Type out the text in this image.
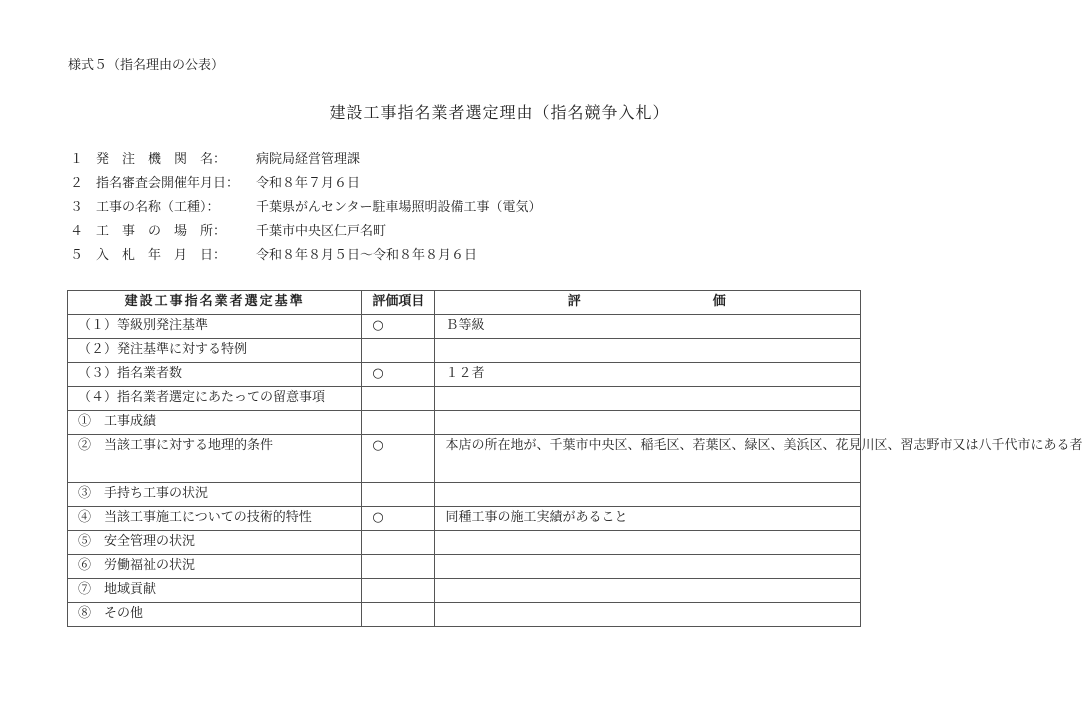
様式５（指名理由の公表）
建設工事指名業者選定理由（指名競争入札）
１ 発　注　機　関　名：	病院局経営管理課
２ 指名審査会開催年月日：	令和８年７月６日
３ 工事の名称（工種）：	千葉県がんセンター駐車場照明設備工事（電気）
４ 工　事　の　場　所：	千葉市中央区仁戸名町
５ 入　札　年　月　日：	令和８年８月５日～令和８年８月６日
建設工事指名業者選定基準	評価項目	評 価
（１）等級別発注基準	○	Ｂ等級
（２）発注基準に対する特例		
（３）指名業者数	○	１２者
（４）指名業者選定にあたっての留意事項		
①　工事成績		
②　当該工事に対する地理的条件	○	本店の所在地が、千葉市中央区、稲毛区、若葉区、緑区、美浜区、花見川区、習志野市又は八千代市にある者
③　手持ち工事の状況		
④　当該工事施工についての技術的特性	○	同種工事の施工実績があること
⑤　安全管理の状況		
⑥　労働福祉の状況		
⑦　地域貢献		
⑧　その他		
